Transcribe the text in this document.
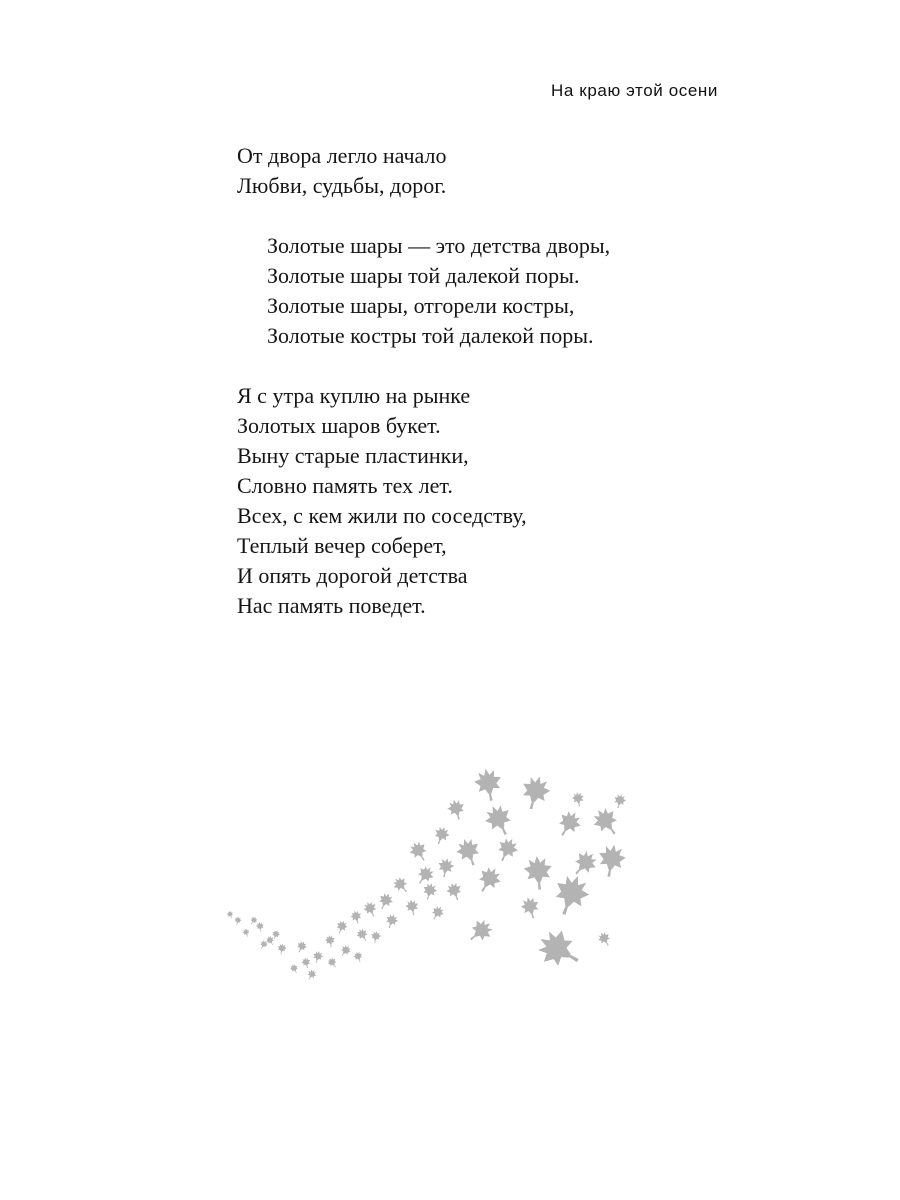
На краю этой осени
От двора легло начало
Любви, судьбы, дорог.
Золотые шары — это детства дворы,
Золотые шары той далекой поры.
Золотые шары, отгорели костры,
Золотые костры той далекой поры.
Я с утра куплю на рынке
Золотых шаров букет.
Выну старые пластинки,
Словно память тех лет.
Всех, с кем жили по соседству,
Теплый вечер соберет,
И опять дорогой детства
Нас память поведет.
